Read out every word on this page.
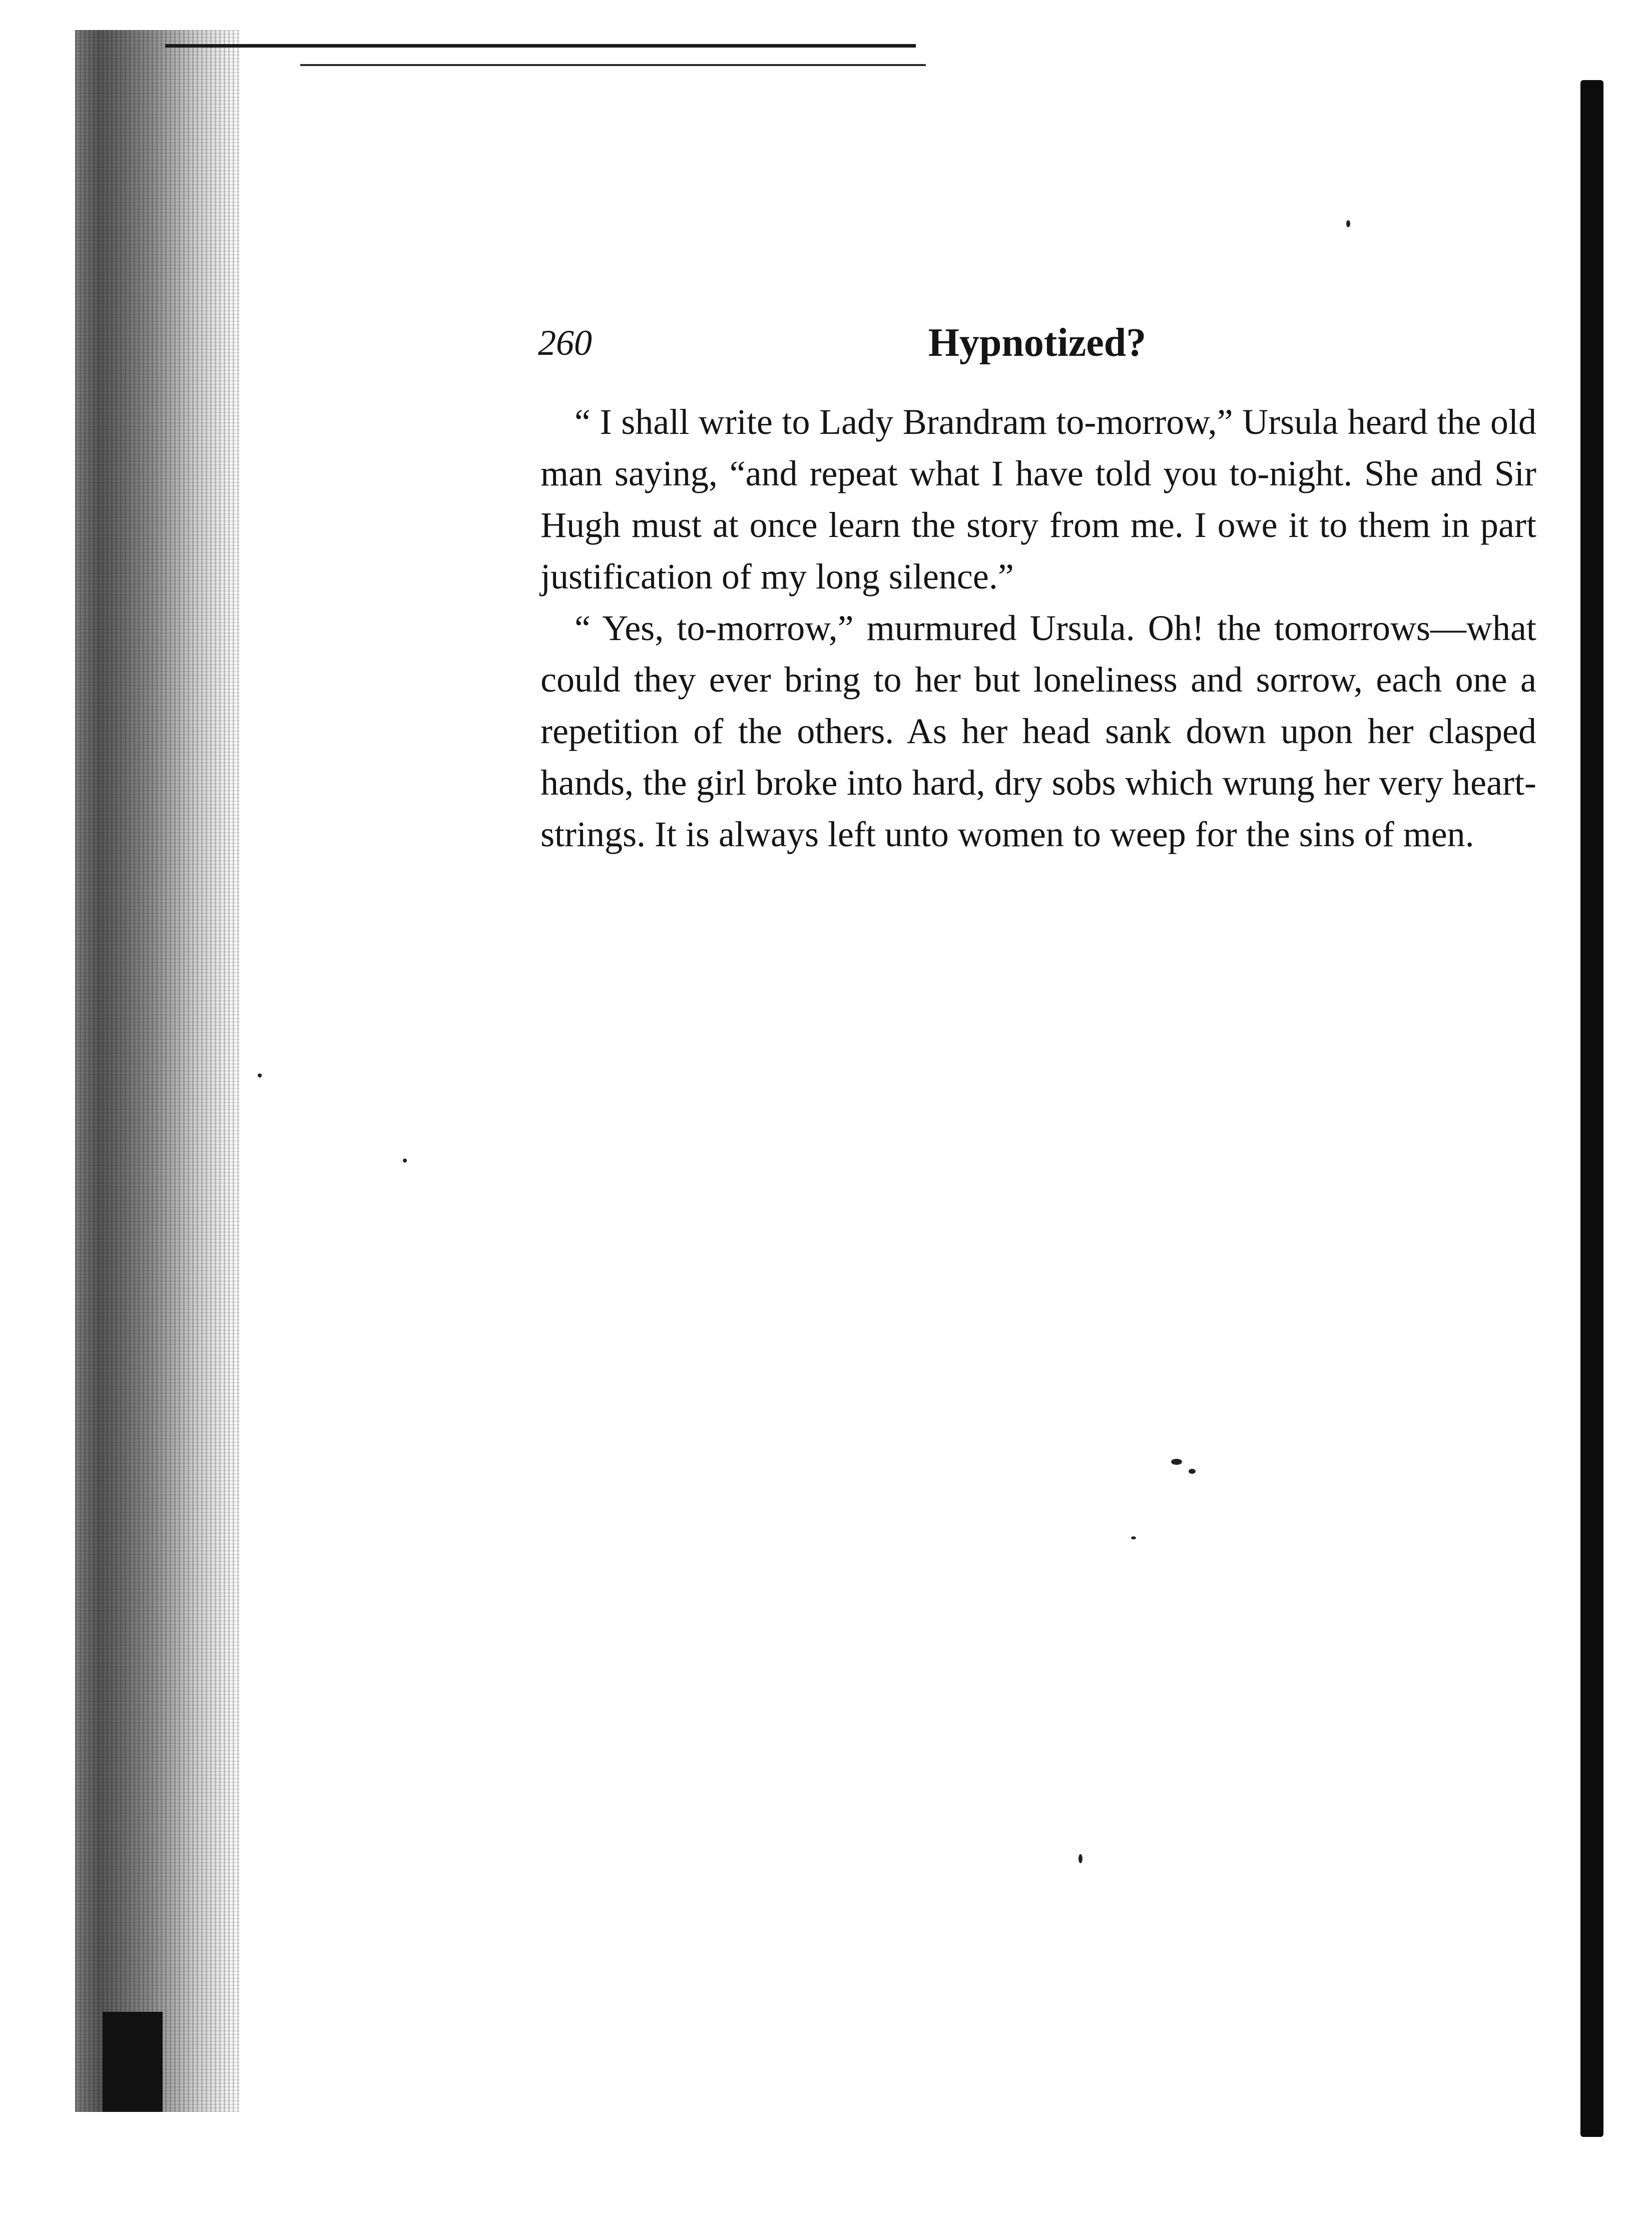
260	Hypnotized?

“ I shall write to Lady Brandram to-morrow,” Ursula heard the old man saying, “and repeat what I have told you to-night. She and Sir Hugh must at once learn the story from me. I owe it to them in part justification of my long silence.”

“ Yes, to-morrow,” murmured Ursula. Oh! the tomorrows—what could they ever bring to her but loneliness and sorrow, each one a repetition of the others. As her head sank down upon her clasped hands, the girl broke into hard, dry sobs which wrung her very heart-strings. It is always left unto women to weep for the sins of men.
